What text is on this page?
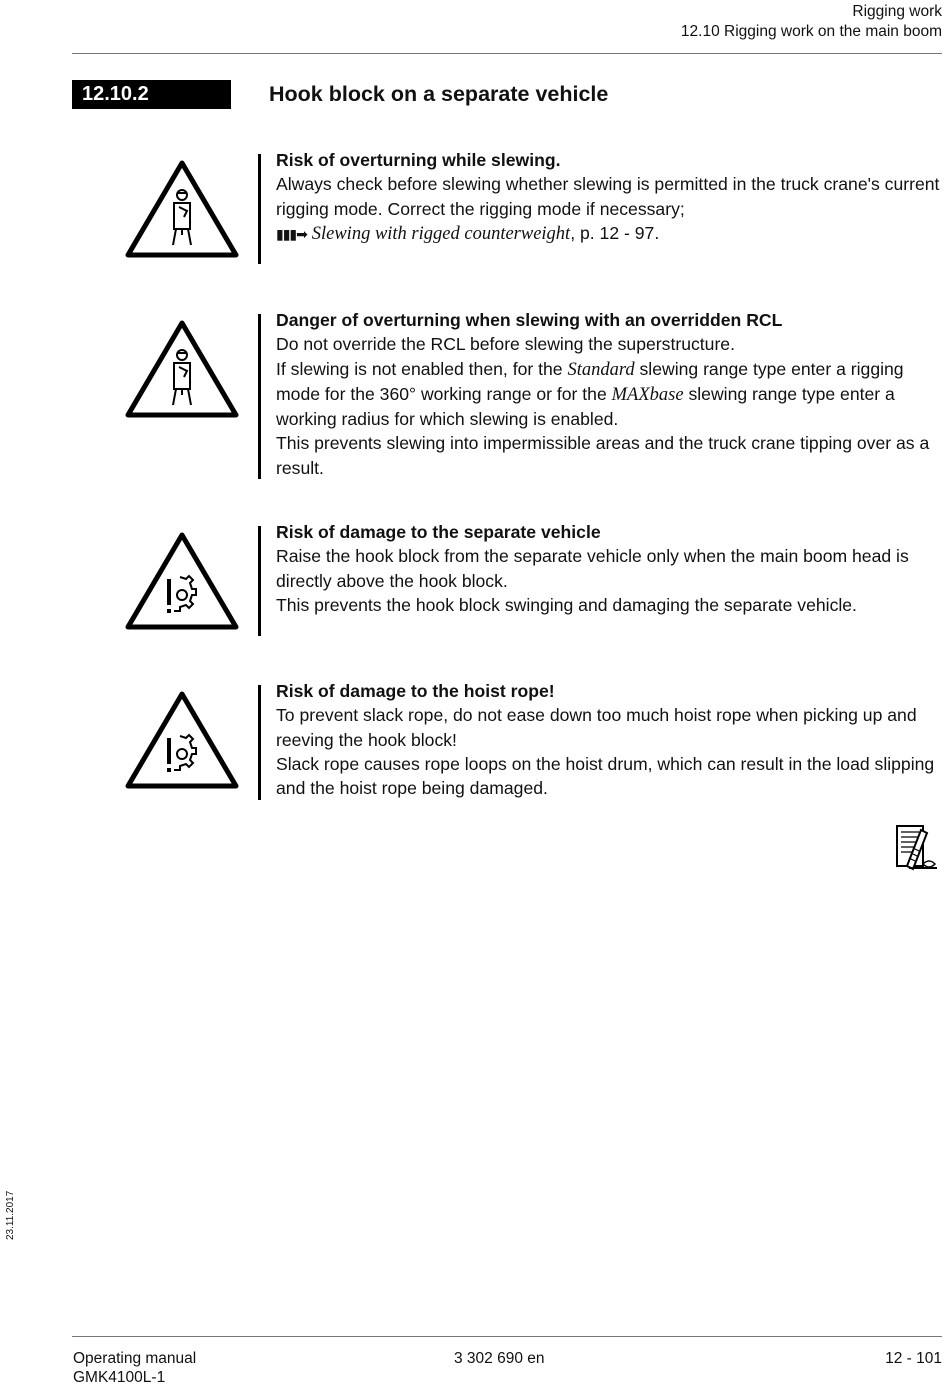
Rigging work
12.10 Rigging work on the main boom
12.10.2	Hook block on a separate vehicle

Risk of overturning while slewing.

Always check before slewing whether slewing is permitted in the truck crane's current rigging mode. Correct the rigging mode if necessary;

▮▮▮➡ Slewing with rigged counterweight, p. 12 - 97.

Danger of overturning when slewing with an overridden RCL

Do not override the RCL before slewing the superstructure.

If slewing is not enabled then, for the Standard slewing range type enter a rigging mode for the 360° working range or for the MAXbase slewing range type enter a working radius for which slewing is enabled.

This prevents slewing into impermissible areas and the truck crane tipping over as a result.

Risk of damage to the separate vehicle

Raise the hook block from the separate vehicle only when the main boom head is directly above the hook block.

This prevents the hook block swinging and damaging the separate vehicle.

Risk of damage to the hoist rope!

To prevent slack rope, do not ease down too much hoist rope when picking up and reeving the hook block!

Slack rope causes rope loops on the hoist drum, which can result in the load slipping and the hoist rope being damaged.

23.11.2017
Operating manual
GMK4100L-1
3 302 690 en	12 - 101
